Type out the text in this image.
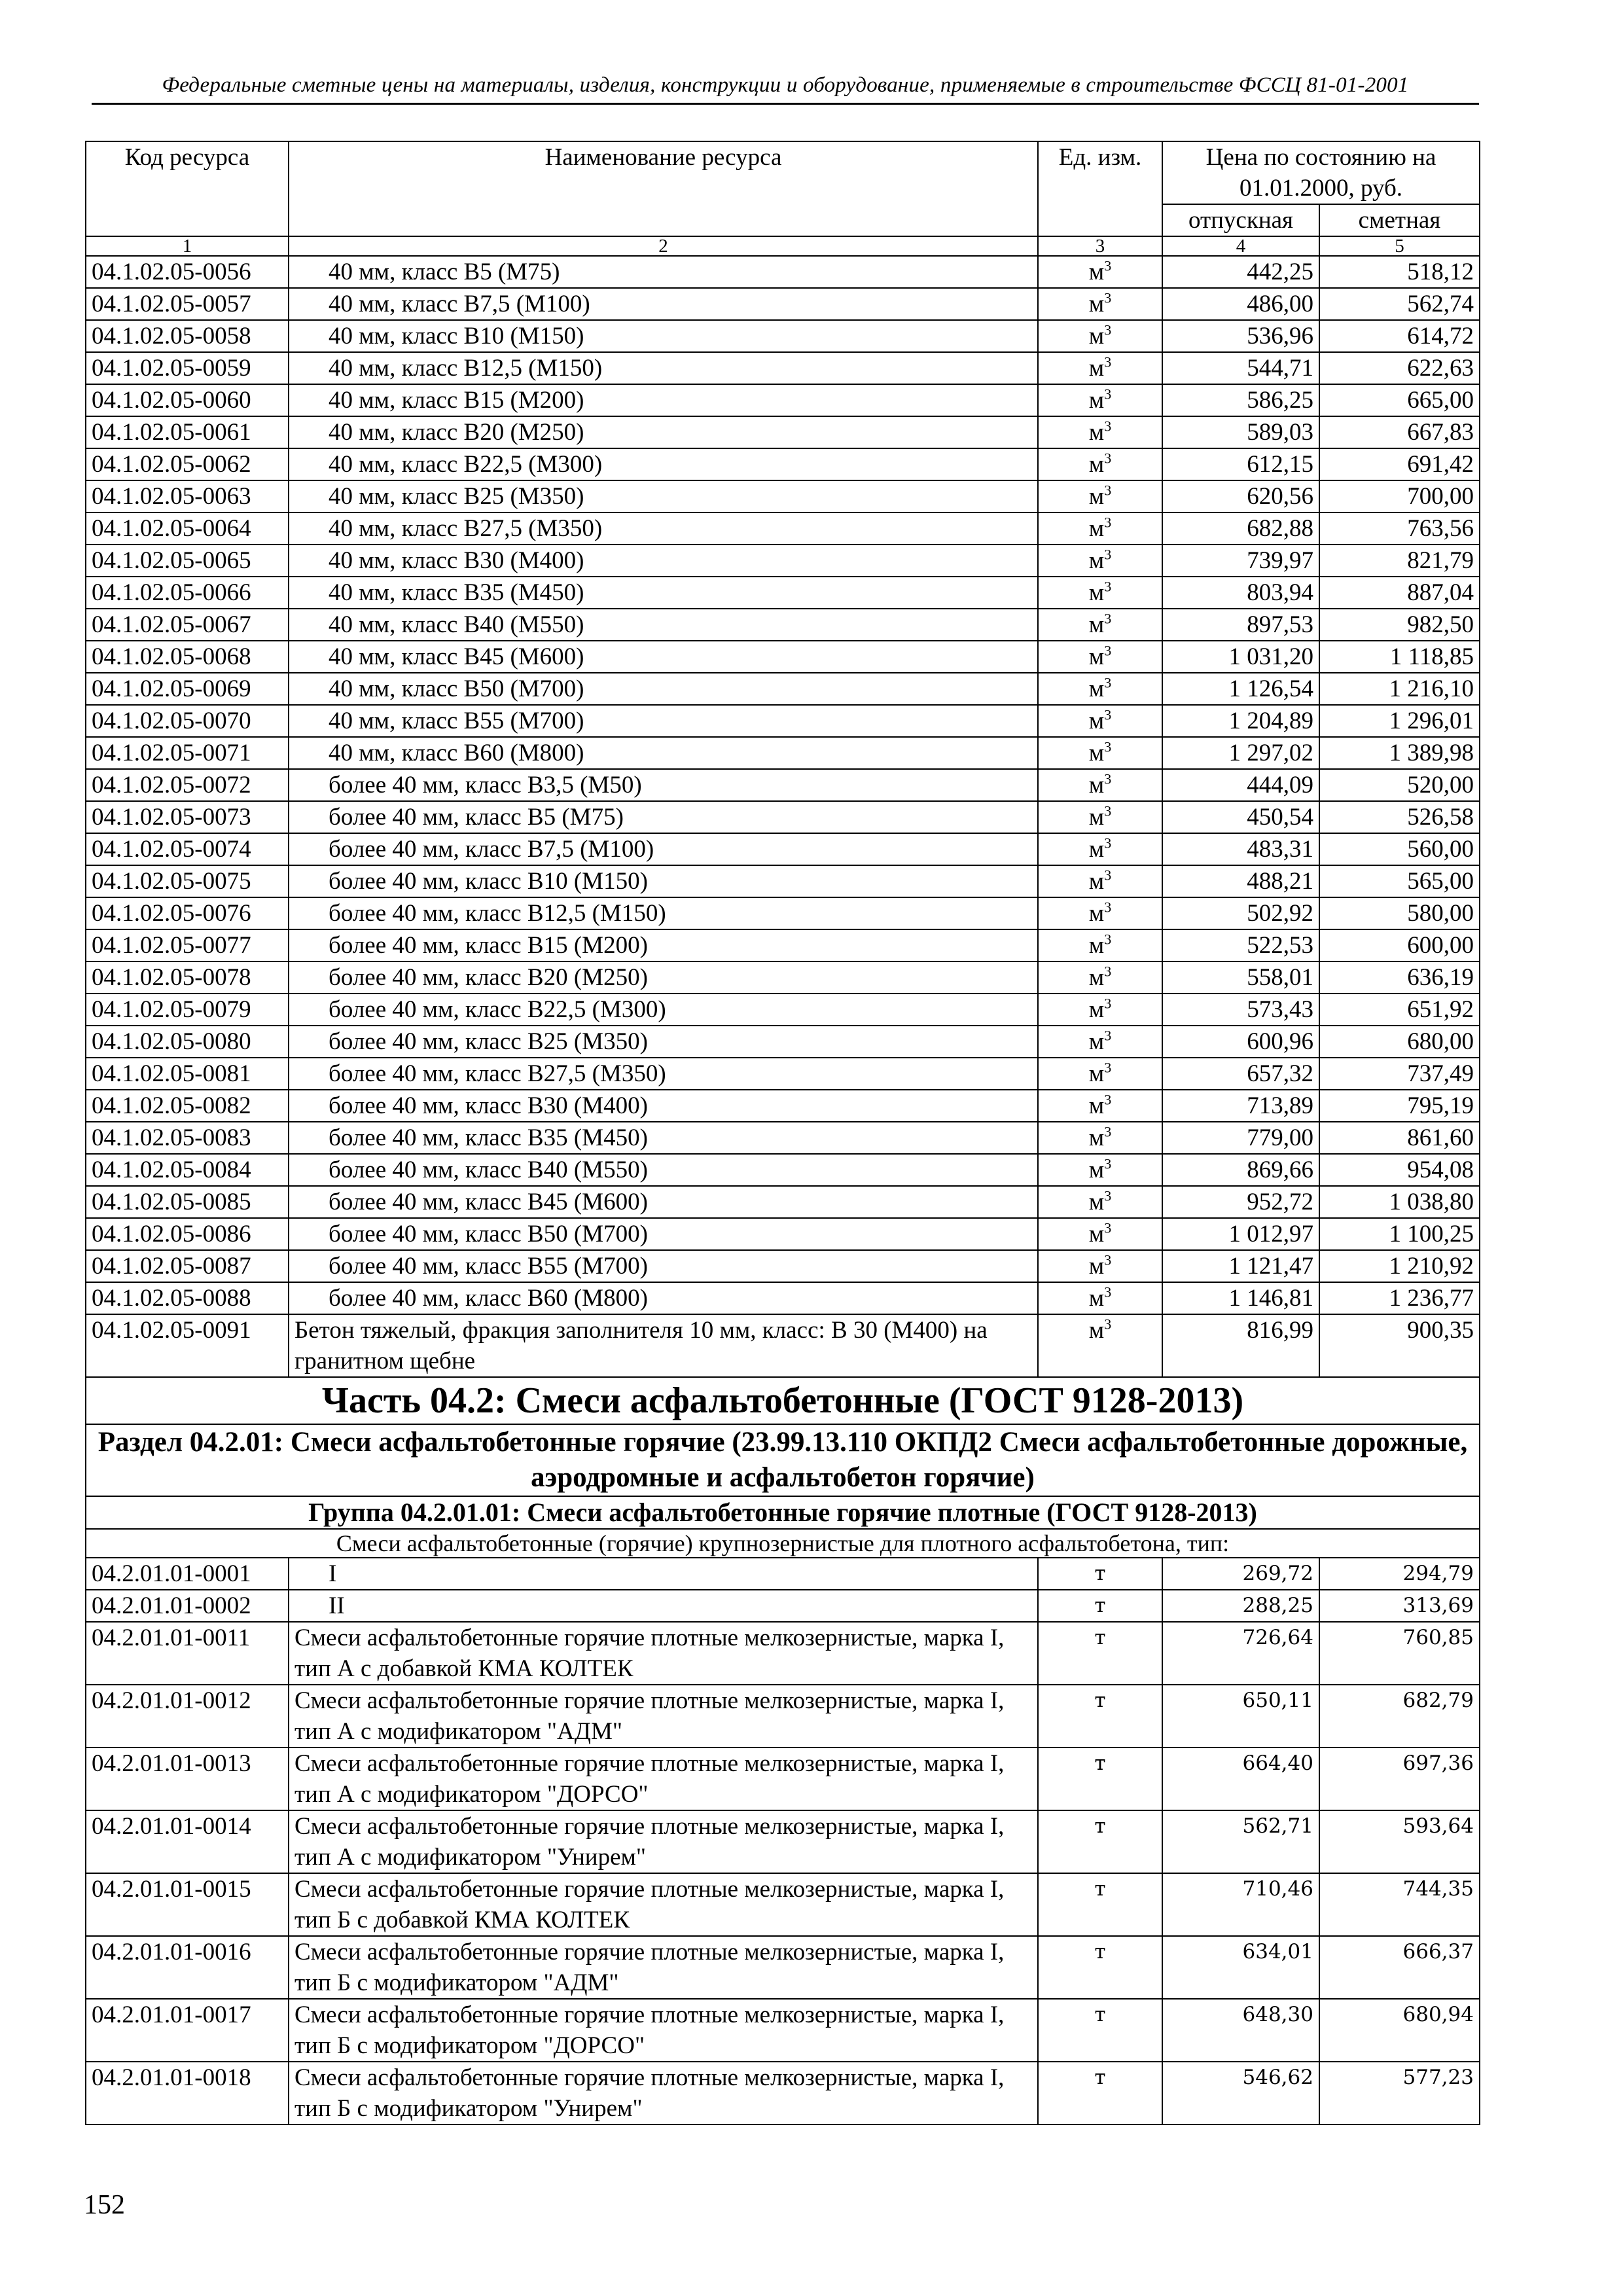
Федеральные сметные цены на материалы, изделия, конструкции и оборудование, применяемые в строительстве ФССЦ 81-01-2001
Код ресурса	Наименование ресурса	Ед. изм.	Цена по состоянию на 01.01.2000, руб.	
			отпускная	сметная
1	2	3	4	5
04.1.02.05-0056	40 мм, класс В5 (М75)	$м^3$	442,25	518,12
04.1.02.05-0057	40 мм, класс В7,5 (М100)	$м^3$	486,00	562,74
04.1.02.05-0058	40 мм, класс В10 (М150)	$м^3$	536,96	614,72
04.1.02.05-0059	40 мм, класс В12,5 (М150)	$м^3$	544,71	622,63
04.1.02.05-0060	40 мм, класс В15 (М200)	$м^3$	586,25	665,00
04.1.02.05-0061	40 мм, класс В20 (М250)	$м^3$	589,03	667,83
04.1.02.05-0062	40 мм, класс В22,5 (М300)	$м^3$	612,15	691,42
04.1.02.05-0063	40 мм, класс В25 (М350)	$м^3$	620,56	700,00
04.1.02.05-0064	40 мм, класс В27,5 (М350)	$м^3$	682,88	763,56
04.1.02.05-0065	40 мм, класс В30 (М400)	$м^3$	739,97	821,79
04.1.02.05-0066	40 мм, класс В35 (М450)	$м^3$	803,94	887,04
04.1.02.05-0067	40 мм, класс В40 (М550)	$м^3$	897,53	982,50
04.1.02.05-0068	40 мм, класс В45 (М600)	$м^3$	1 031,20	1 118,85
04.1.02.05-0069	40 мм, класс В50 (М700)	$м^3$	1 126,54	1 216,10
04.1.02.05-0070	40 мм, класс В55 (М700)	$м^3$	1 204,89	1 296,01
04.1.02.05-0071	40 мм, класс В60 (М800)	$м^3$	1 297,02	1 389,98
04.1.02.05-0072	более 40 мм, класс В3,5 (М50)	$м^3$	444,09	520,00
04.1.02.05-0073	более 40 мм, класс В5 (М75)	$м^3$	450,54	526,58
04.1.02.05-0074	более 40 мм, класс В7,5 (М100)	$м^3$	483,31	560,00
04.1.02.05-0075	более 40 мм, класс В10 (М150)	$м^3$	488,21	565,00
04.1.02.05-0076	более 40 мм, класс В12,5 (М150)	$м^3$	502,92	580,00
04.1.02.05-0077	более 40 мм, класс В15 (М200)	$м^3$	522,53	600,00
04.1.02.05-0078	более 40 мм, класс В20 (М250)	$м^3$	558,01	636,19
04.1.02.05-0079	более 40 мм, класс В22,5 (М300)	$м^3$	573,43	651,92
04.1.02.05-0080	более 40 мм, класс В25 (М350)	$м^3$	600,96	680,00
04.1.02.05-0081	более 40 мм, класс В27,5 (М350)	$м^3$	657,32	737,49
04.1.02.05-0082	более 40 мм, класс В30 (М400)	$м^3$	713,89	795,19
04.1.02.05-0083	более 40 мм, класс В35 (М450)	$м^3$	779,00	861,60
04.1.02.05-0084	более 40 мм, класс В40 (М550)	$м^3$	869,66	954,08
04.1.02.05-0085	более 40 мм, класс В45 (М600)	$м^3$	952,72	1 038,80
04.1.02.05-0086	более 40 мм, класс В50 (М700)	$м^3$	1 012,97	1 100,25
04.1.02.05-0087	более 40 мм, класс В55 (М700)	$м^3$	1 121,47	1 210,92
04.1.02.05-0088	более 40 мм, класс В60 (М800)	$м^3$	1 146,81	1 236,77
04.1.02.05-0091	Бетон тяжелый, фракция заполнителя 10 мм, класс: В 30 (М400) на гранитном щебне	$м^3$	816,99	900,35
Часть 04.2: Смеси асфальтобетонные (ГОСТ 9128-2013)				
Раздел 04.2.01: Смеси асфальтобетонные горячие (23.99.13.110 ОКПД2 Смеси асфальтобетонные дорожные, аэродромные и асфальтобетон горячие)				
Группа 04.2.01.01: Смеси асфальтобетонные горячие плотные (ГОСТ 9128-2013)				
Смеси асфальтобетонные (горячие) крупнозернистые для плотного асфальтобетона, тип:				
04.2.01.01-0001	I	т	269,72	294,79
04.2.01.01-0002	II	т	288,25	313,69
04.2.01.01-0011	Смеси асфальтобетонные горячие плотные мелкозернистые, марка I, тип А с добавкой КМА КОЛТЕК	т	726,64	760,85
04.2.01.01-0012	Смеси асфальтобетонные горячие плотные мелкозернистые, марка I, тип А с модификатором "АДМ"	т	650,11	682,79
04.2.01.01-0013	Смеси асфальтобетонные горячие плотные мелкозернистые, марка I, тип А с модификатором "ДОРСО"	т	664,40	697,36
04.2.01.01-0014	Смеси асфальтобетонные горячие плотные мелкозернистые, марка I, тип А с модификатором "Унирем"	т	562,71	593,64
04.2.01.01-0015	Смеси асфальтобетонные горячие плотные мелкозернистые, марка I, тип Б с добавкой КМА КОЛТЕК	т	710,46	744,35
04.2.01.01-0016	Смеси асфальтобетонные горячие плотные мелкозернистые, марка I, тип Б с модификатором "АДМ"	т	634,01	666,37
04.2.01.01-0017	Смеси асфальтобетонные горячие плотные мелкозернистые, марка I, тип Б с модификатором "ДОРСО"	т	648,30	680,94
04.2.01.01-0018	Смеси асфальтобетонные горячие плотные мелкозернистые, марка I, тип Б с модификатором "Унирем"	т	546,62	577,23
152
